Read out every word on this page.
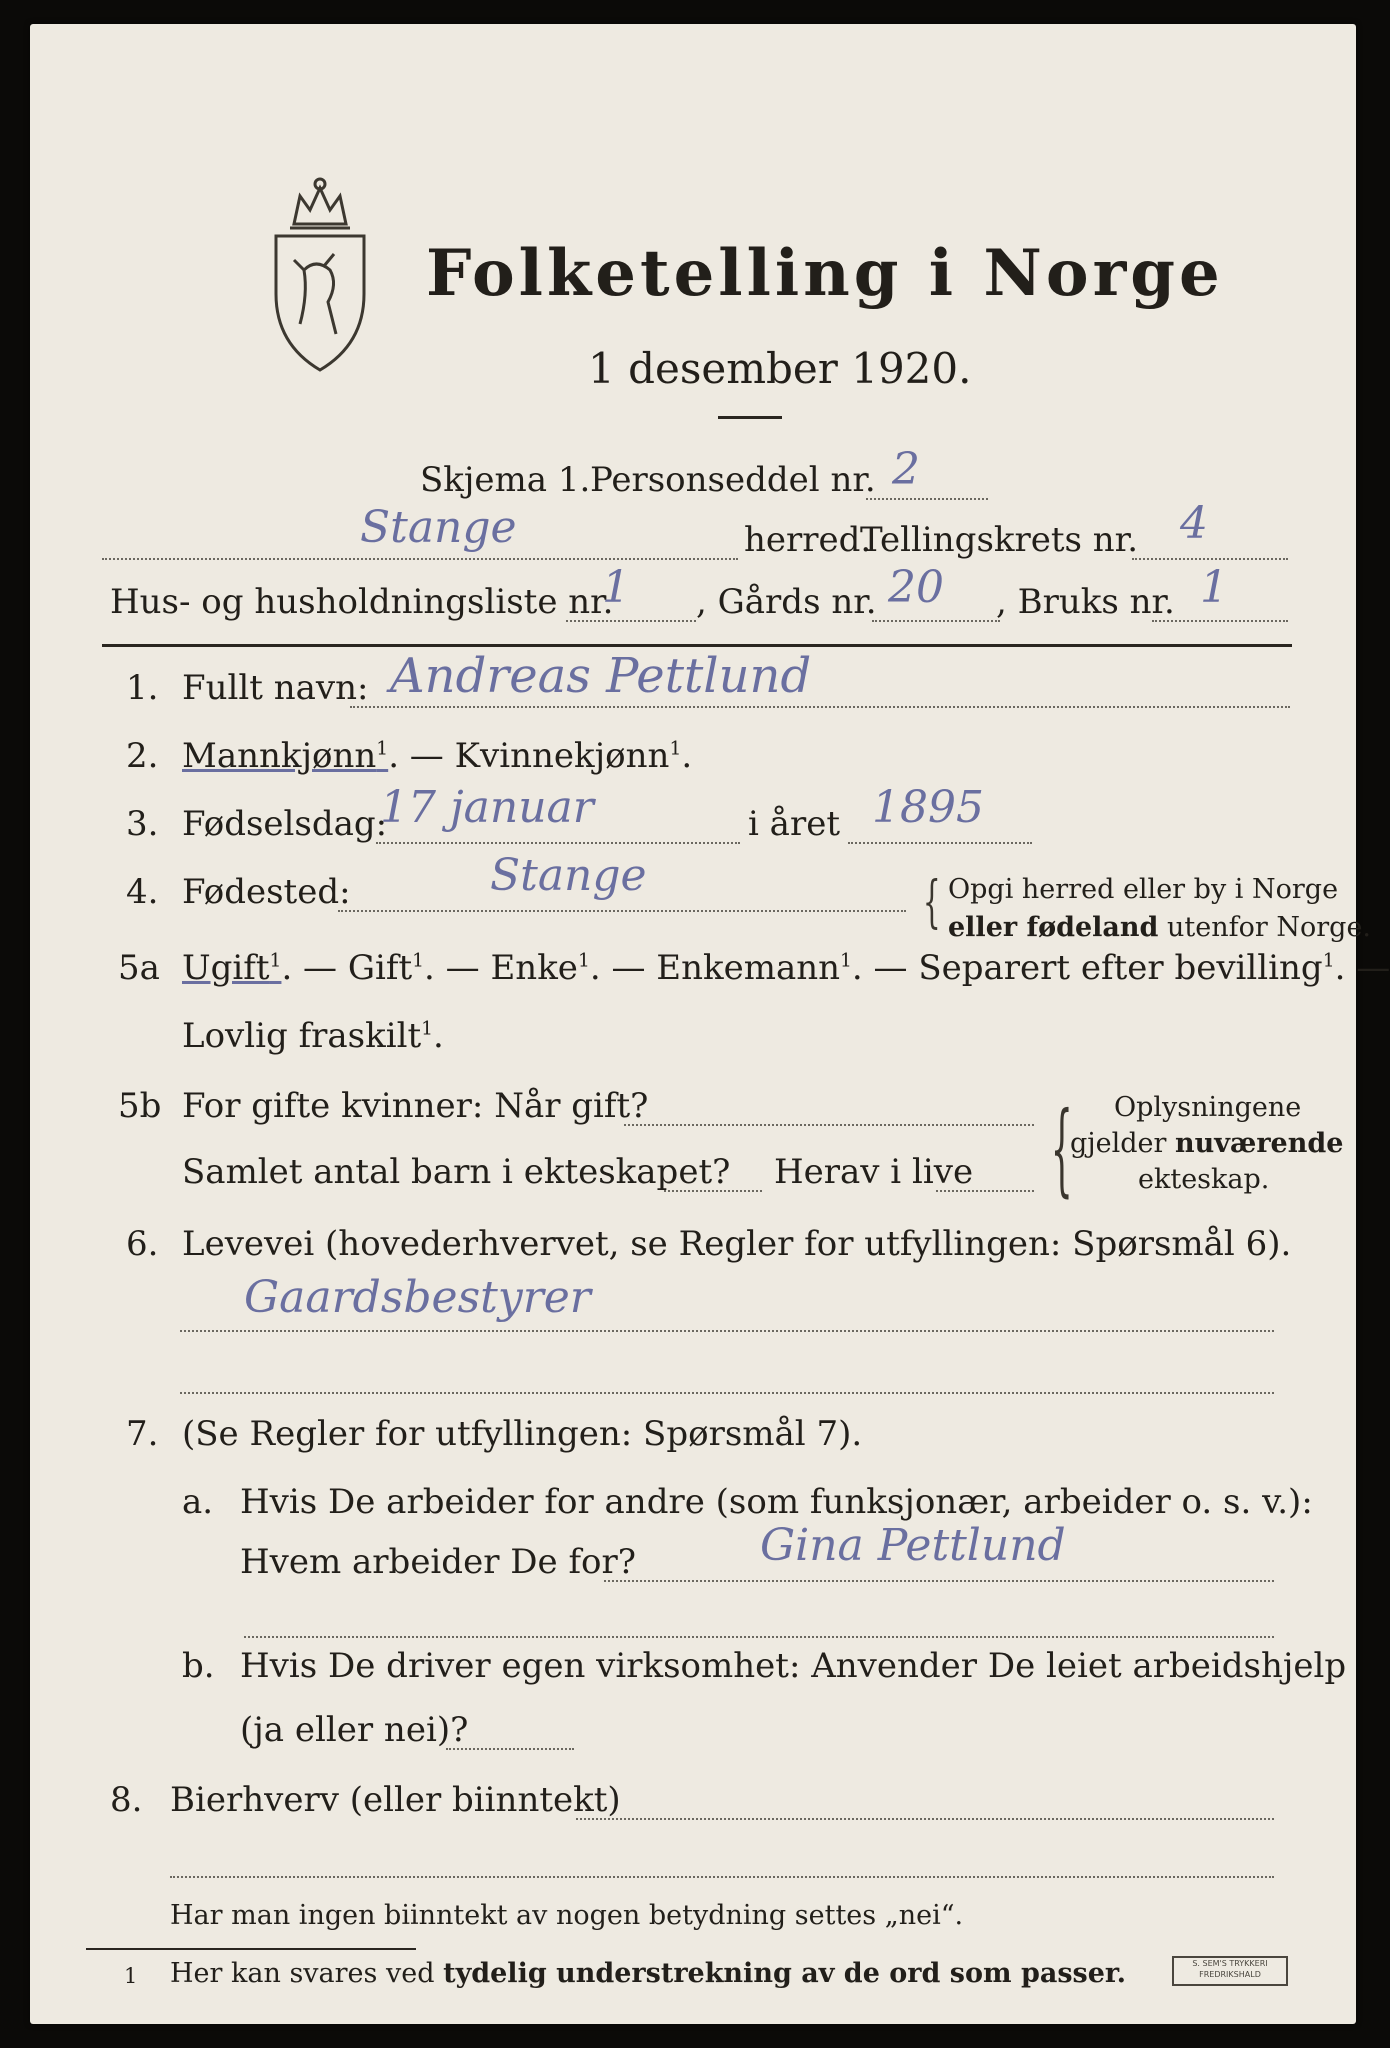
Folketelling i Norge
1 desember 1920.
Skjema 1. Personseddel nr. 2
Stange	herred.
Tellingskrets nr. 4
Hus- og husholdningsliste nr.
1 , Gårds nr. 20 , Bruks nr. 1
1. Fullt navn: Andreas Pettlund
2. Mannkjønn$^1$. — Kvinnekjønn$^1$.
3. Fødselsdag:
17 januar	i året 1895
4. Fødested:	Stange	{ Opgi herred eller by i Norge
eller fødeland utenfor Norge.
5a Ugift$^1$. — Gift$^1$. — Enke$^1$. — Enkemann$^1$. — Separert efter bevilling$^1$. —
Lovlig fraskilt$^1$.
5b For gifte kvinner: Når gift?
Samlet antal barn i ekteskapet? Herav i live { Oplysningene
gjelder nuværende
ekteskap.
6. Levevei (hovederhvervet, se Regler for utfyllingen: Spørsmål 6).
Gaardsbestyrer
7. (Se Regler for utfyllingen: Spørsmål 7).
a. Hvis De arbeider for andre (som funksjonær, arbeider o. s. v.):
Hvem arbeider De for?	Gina Pettlund
b. Hvis De driver egen virksomhet: Anvender De leiet arbeidshjelp
(ja eller nei)?
8. Bierhverv (eller biinntekt)
Har man ingen biinntekt av nogen betydning settes „nei“.
1 Her kan svares ved tydelig understrekning av de ord som passer.	S. SEM'S TRYKKERI FREDRIKSHALD
